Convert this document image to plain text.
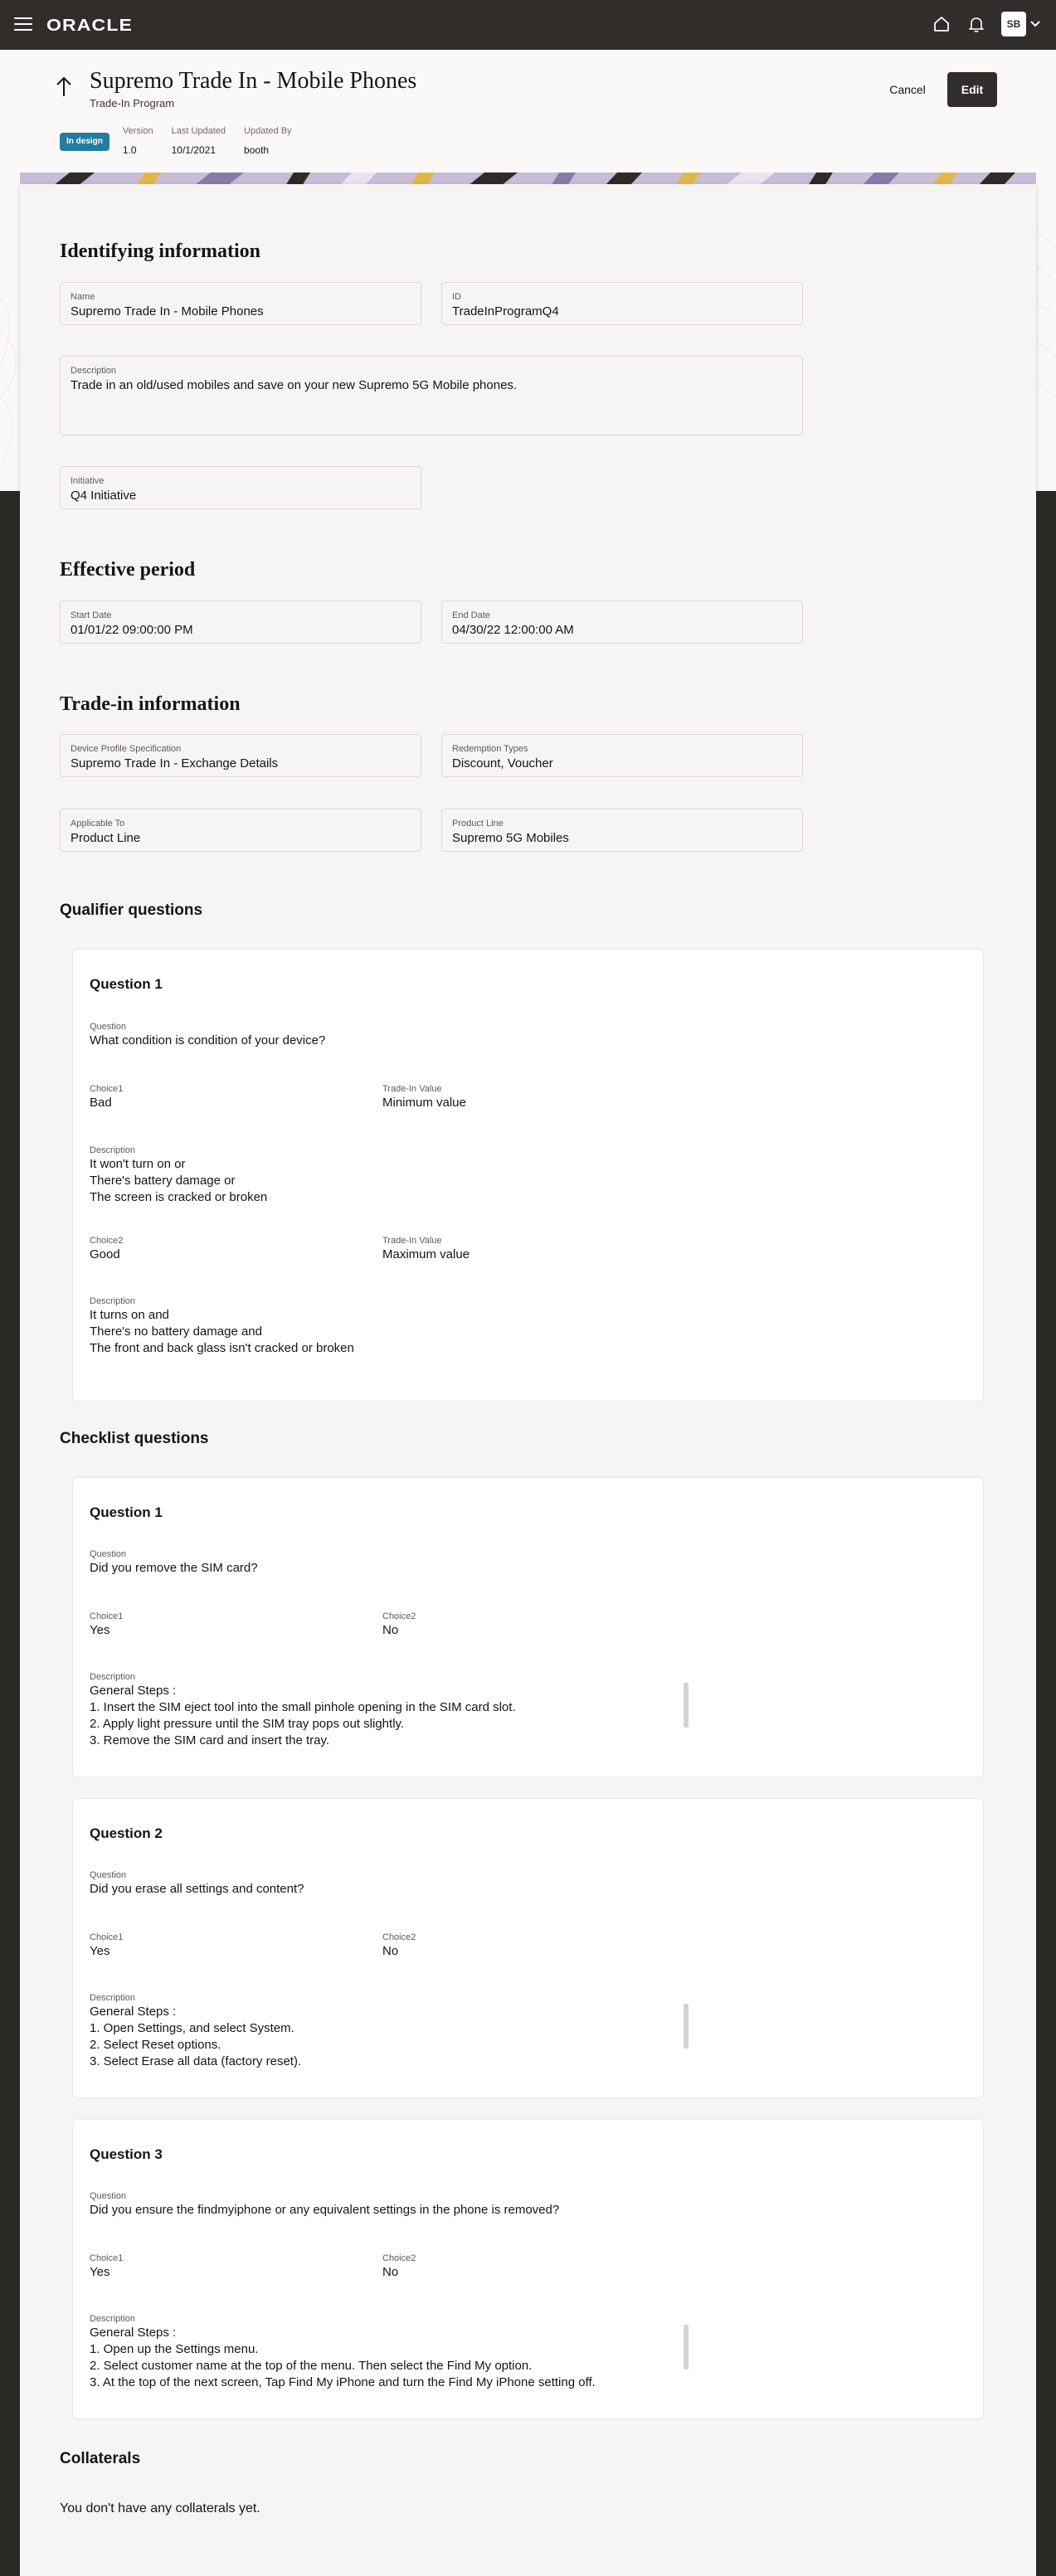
ORACLE	SB
Supremo Trade In - Mobile Phones
Trade-In Program
Cancel	Edit
In design
Version
1.0
Last Updated
10/1/2021
Updated By
booth
Identifying information
Name
Supremo Trade In - Mobile Phones
ID
TradeInProgramQ4
Description
Trade in an old/used mobiles and save on your new Supremo 5G Mobile phones.
Initiative
Q4 Initiative
Effective period
Start Date
01/01/22 09:00:00 PM
End Date
04/30/22 12:00:00 AM
Trade-in information
Device Profile Specification
Supremo Trade In - Exchange Details
Redemption Types
Discount, Voucher
Applicable To
Product Line
Product Line
Supremo 5G Mobiles
Qualifier questions
Question 1
Question
What condition is condition of your device?
Choice1
Bad
Trade-In Value
Minimum value
Description
It won't turn on or
There's battery damage or
The screen is cracked or broken
Choice2
Good
Trade-In Value
Maximum value
Description
It turns on and
There's no battery damage and
The front and back glass isn't cracked or broken
Checklist questions
Question 1
Question
Did you remove the SIM card?
Choice1
Yes
Choice2
No
Description
General Steps :
1. Insert the SIM eject tool into the small pinhole opening in the SIM card slot.
2. Apply light pressure until the SIM tray pops out slightly.
3. Remove the SIM card and insert the tray.
Question 2
Question
Did you erase all settings and content?
Choice1
Yes
Choice2
No
Description
General Steps :
1. Open Settings, and select System.
2. Select Reset options.
3. Select Erase all data (factory reset).
Question 3
Question
Did you ensure the findmyiphone or any equivalent settings in the phone is removed?
Choice1
Yes
Choice2
No
Description
General Steps :
1. Open up the Settings menu.
2. Select customer name at the top of the menu. Then select the Find My option.
3. At the top of the next screen, Tap Find My iPhone and turn the Find My iPhone setting off.
Collaterals
You don't have any collaterals yet.
